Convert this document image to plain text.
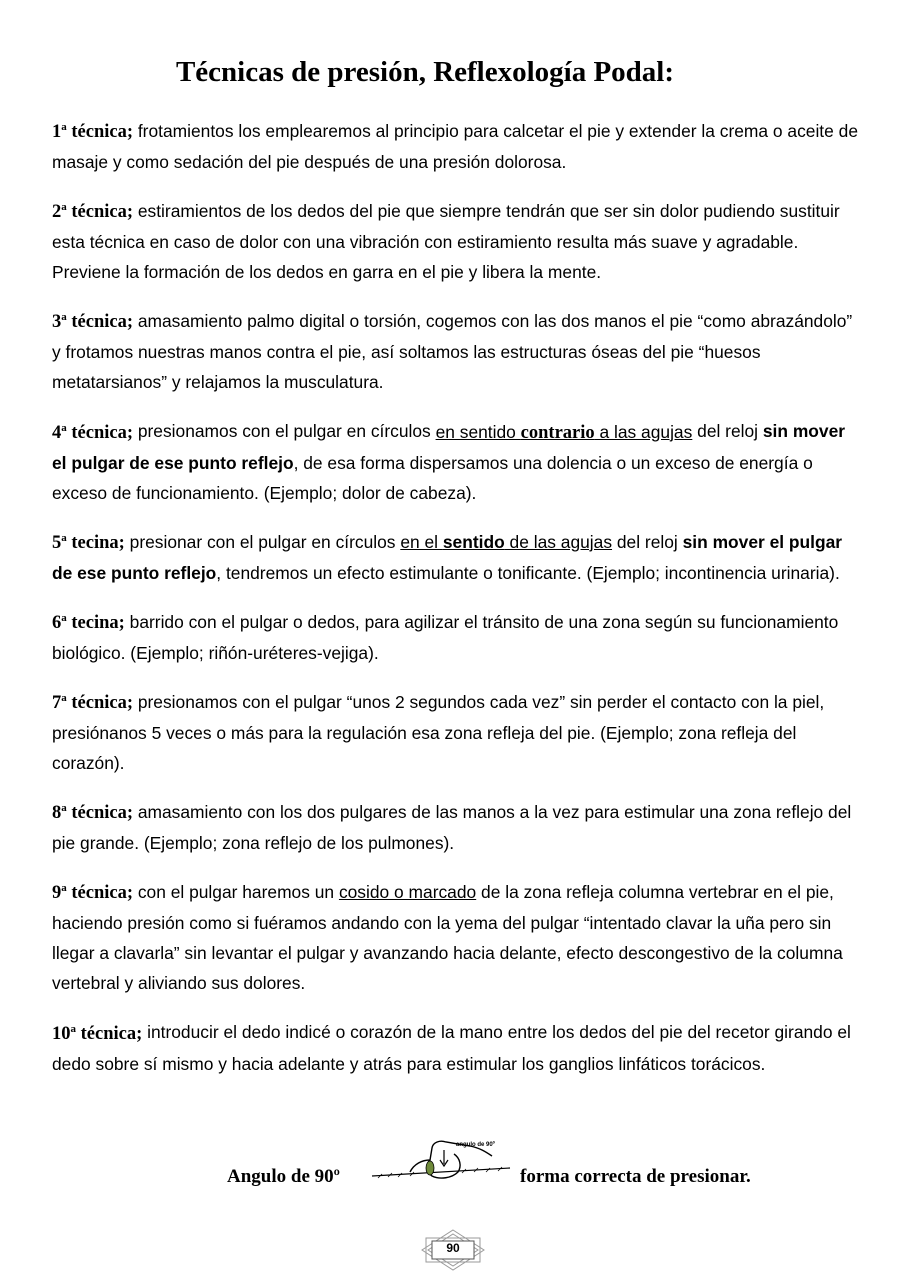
Técnicas de presión, Reflexología Podal:

1$^a$ técnica; frotamientos los emplearemos al principio para calcetar el pie y extender la crema o aceite de masaje y como sedación del pie después de una presión dolorosa.

2$^a$ técnica; estiramientos de los dedos del pie que siempre tendrán que ser sin dolor pudiendo sustituir esta técnica en caso de dolor con una vibración con estiramiento resulta más suave y agradable. Previene la formación de los dedos en garra en el pie y libera la mente.

3$^a$ técnica; amasamiento palmo digital o torsión, cogemos con las dos manos el pie “como abrazándolo” y frotamos nuestras manos contra el pie, así soltamos las estructuras óseas del pie “huesos metatarsianos” y relajamos la musculatura.

4$^a$ técnica; presionamos con el pulgar en círculos en sentido contrario a las agujas del reloj sin mover el pulgar de ese punto reflejo, de esa forma dispersamos una dolencia o un exceso de energía o exceso de funcionamiento. (Ejemplo; dolor de cabeza).

5$^a$ tecina; presionar con el pulgar en círculos en el sentido de las agujas del reloj sin mover el pulgar de ese punto reflejo, tendremos un efecto estimulante o tonificante. (Ejemplo; incontinencia urinaria).

6$^a$ tecina; barrido con el pulgar o dedos, para agilizar el tránsito de una zona según su funcionamiento biológico. (Ejemplo; riñón-uréteres-vejiga).

7$^a$ técnica; presionamos con el pulgar “unos 2 segundos cada vez” sin perder el contacto con la piel, presiónanos 5 veces o más para la regulación esa zona refleja del pie. (Ejemplo; zona refleja del corazón).

8$^a$ técnica; amasamiento con los dos pulgares de las manos a la vez para estimular una zona reflejo del pie grande. (Ejemplo; zona reflejo de los pulmones).

9$^a$ técnica; con el pulgar haremos un cosido o marcado de la zona refleja columna vertebrar en el pie, haciendo presión como si fuéramos andando con la yema del pulgar “intentado clavar la uña pero sin llegar a clavarla” sin levantar el pulgar y avanzando hacia delante, efecto descongestivo de la columna vertebral y aliviando sus dolores.

10$^a$ técnica; introducir el dedo indicé o corazón de la mano entre los dedos del pie del recetor girando el dedo sobre sí mismo y hacia adelante y atrás para estimular los ganglios linfáticos torácicos.

Angulo de 90º
angulo de 90º
forma correcta de presionar.
90
